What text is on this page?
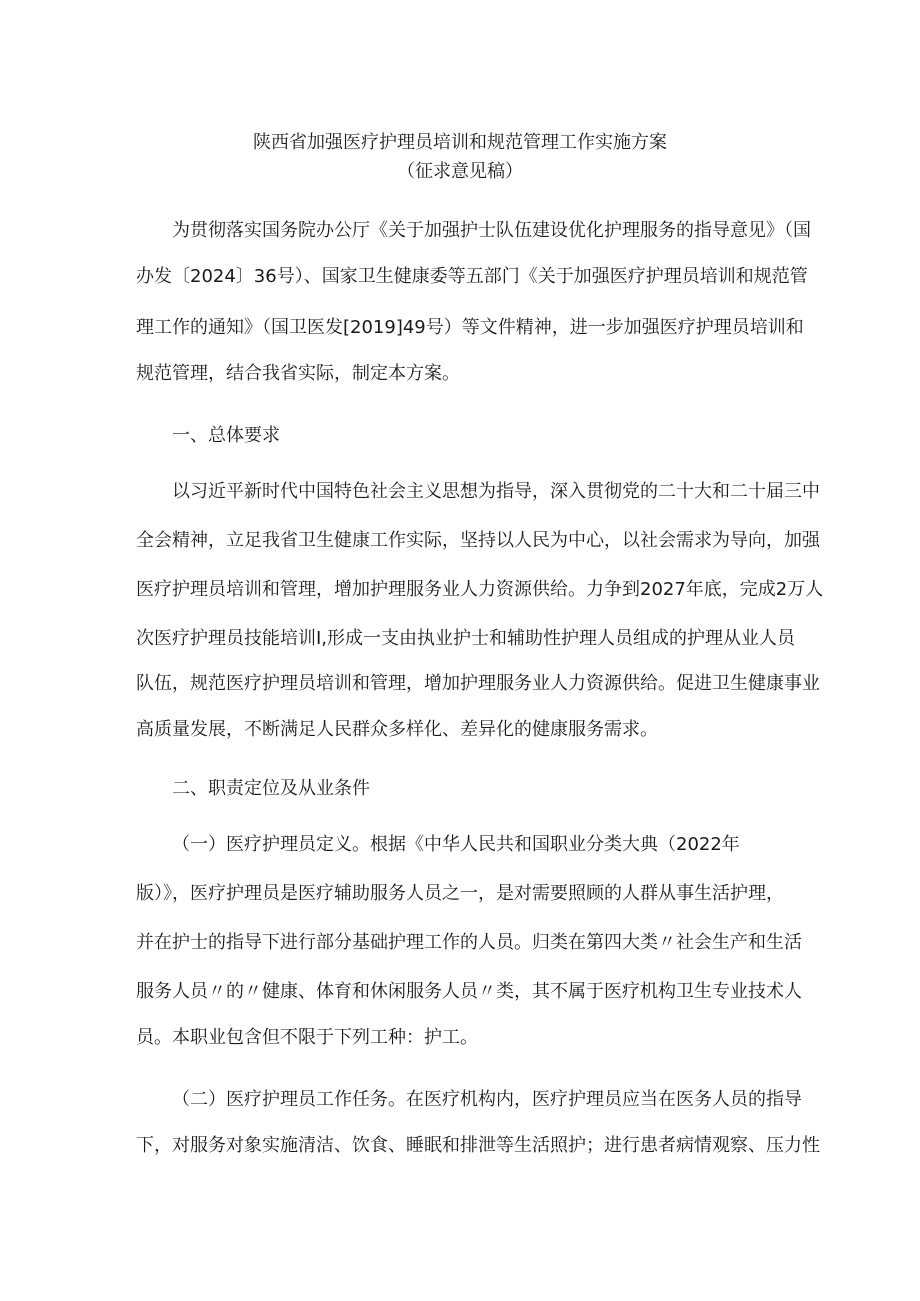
陕西省加强医疗护理员培训和规范管理工作实施方案
（征求意见稿）

为贯彻落实国务院办公厅《关于加强护士队伍建设优化护理服务的指导意见》（国

办发〔2024〕36号）、国家卫生健康委等五部门《关于加强医疗护理员培训和规范管

理工作的通知》（国卫医发[2019]49号）等文件精神，进一步加强医疗护理员培训和

规范管理，结合我省实际，制定本方案。

一、总体要求

以习近平新时代中国特色社会主义思想为指导，深入贯彻党的二十大和二十届三中

全会精神，立足我省卫生健康工作实际，坚持以人民为中心，以社会需求为导向，加强

医疗护理员培训和管理，增加护理服务业人力资源供给。力争到2027年底，完成2万人

次医疗护理员技能培训I,形成一支由执业护士和辅助性护理人员组成的护理从业人员

队伍，规范医疗护理员培训和管理，增加护理服务业人力资源供给。促进卫生健康事业

高质量发展，不断满足人民群众多样化、差异化的健康服务需求。

二、职责定位及从业条件

（一）医疗护理员定义。根据《中华人民共和国职业分类大典（2022年

版）》，医疗护理员是医疗辅助服务人员之一，是对需要照顾的人群从事生活护理，

并在护士的指导下进行部分基础护理工作的人员。归类在第四大类〃社会生产和生活

服务人员〃的〃健康、体育和休闲服务人员〃类，其不属于医疗机构卫生专业技术人

员。本职业包含但不限于下列工种：护工。

（二）医疗护理员工作任务。在医疗机构内，医疗护理员应当在医务人员的指导

下，对服务对象实施清洁、饮食、睡眠和排泄等生活照护；进行患者病情观察、压力性
